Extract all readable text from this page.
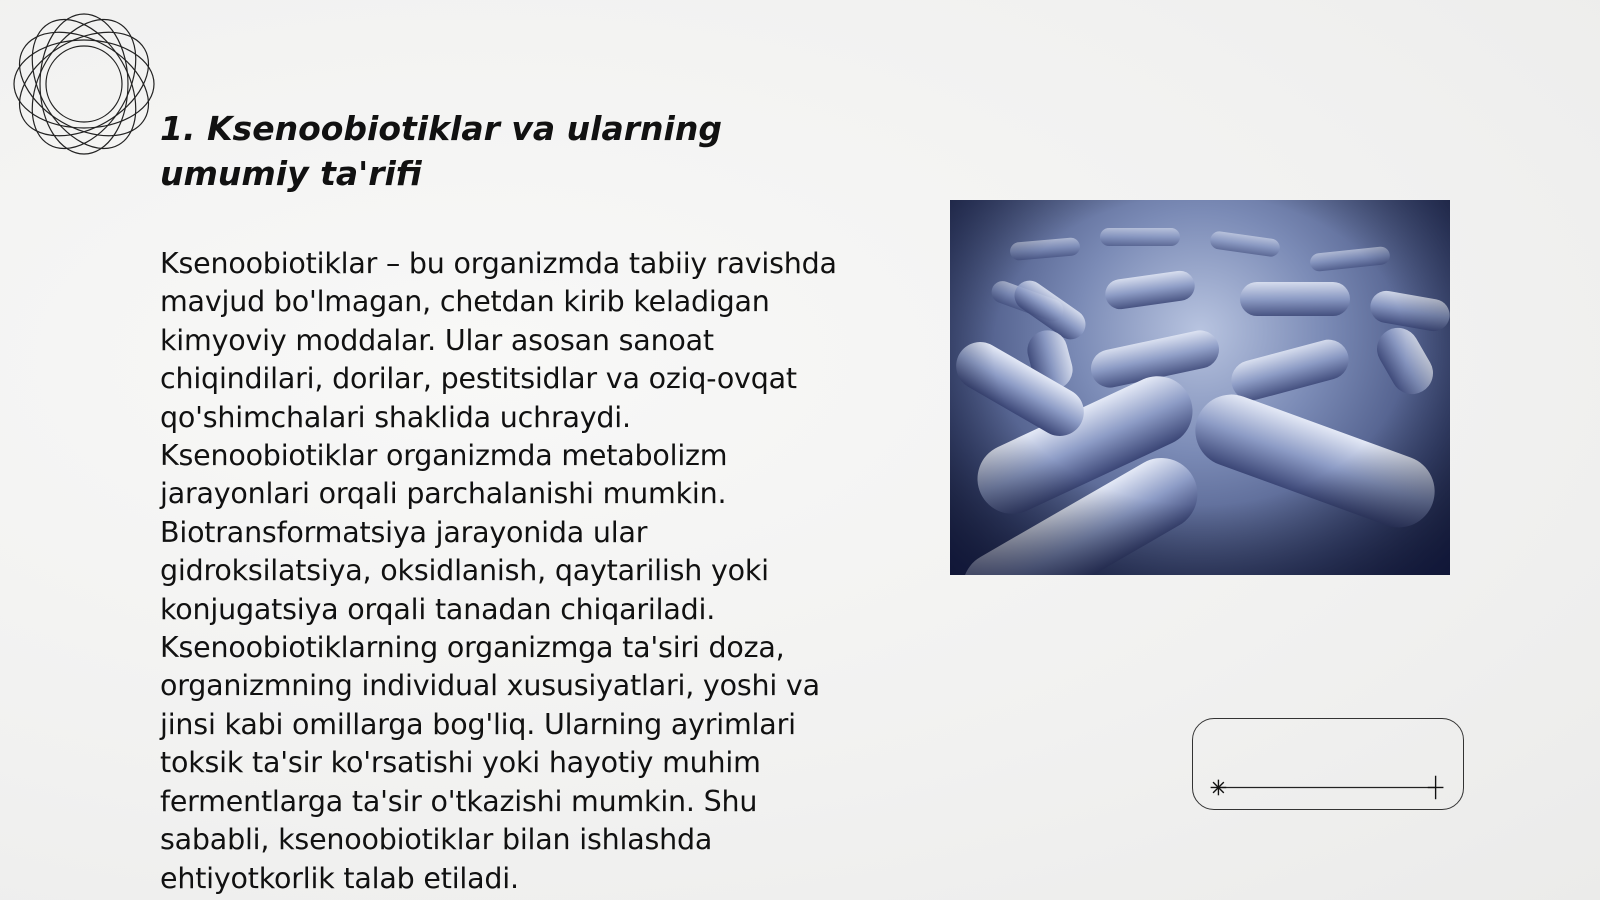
1. Ksenoobiotiklar va ularning umumiy ta'rifi

Ksenoobiotiklar – bu organizmda tabiiy ravishda mavjud bo'lmagan, chetdan kirib keladigan kimyoviy moddalar. Ular asosan sanoat chiqindilari, dorilar, pestitsidlar va oziq-ovqat qo'shimchalari shaklida uchraydi. Ksenoobiotiklar organizmda metabolizm jarayonlari orqali parchalanishi mumkin. Biotransformatsiya jarayonida ular gidroksilatsiya, oksidlanish, qaytarilish yoki konjugatsiya orqali tanadan chiqariladi. Ksenoobiotiklarning organizmga ta'siri doza, organizmning individual xususiyatlari, yoshi va jinsi kabi omillarga bog'liq. Ularning ayrimlari toksik ta'sir ko'rsatishi yoki hayotiy muhim fermentlarga ta'sir o'tkazishi mumkin. Shu sababli, ksenoobiotiklar bilan ishlashda ehtiyotkorlik talab etiladi.
